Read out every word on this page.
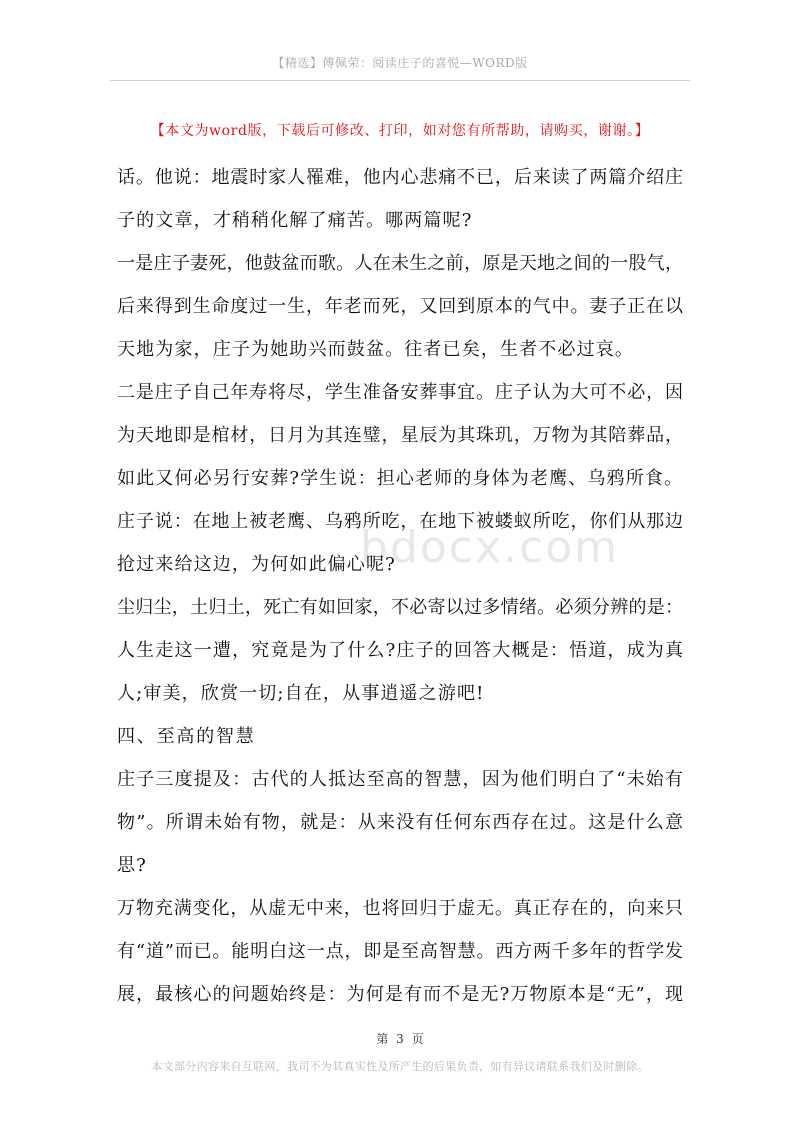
【精选】傅佩荣：阅读庄子的喜悦—WORD版
【本文为word版，下载后可修改、打印，如对您有所帮助，请购买，谢谢。】
bdocx.com
话。他说：地震时家人罹难，他内心悲痛不已，后来读了两篇介绍庄
子的文章，才稍稍化解了痛苦。哪两篇呢?
一是庄子妻死，他鼓盆而歌。人在未生之前，原是天地之间的一股气，
后来得到生命度过一生，年老而死，又回到原本的气中。妻子正在以
天地为家，庄子为她助兴而鼓盆。往者已矣，生者不必过哀。
二是庄子自己年寿将尽，学生准备安葬事宜。庄子认为大可不必，因
为天地即是棺材，日月为其连璧，星辰为其珠玑，万物为其陪葬品，
如此又何必另行安葬?学生说：担心老师的身体为老鹰、乌鸦所食。
庄子说：在地上被老鹰、乌鸦所吃，在地下被蝼蚁所吃，你们从那边
抢过来给这边，为何如此偏心呢?
尘归尘，土归土，死亡有如回家，不必寄以过多情绪。必须分辨的是：
人生走这一遭，究竟是为了什么?庄子的回答大概是：悟道，成为真
人;审美，欣赏一切;自在，从事逍遥之游吧!
四、至高的智慧
庄子三度提及：古代的人抵达至高的智慧，因为他们明白了“未始有
物”。所谓未始有物，就是：从来没有任何东西存在过。这是什么意
思?
万物充满变化，从虚无中来，也将回归于虚无。真正存在的，向来只
有“道”而已。能明白这一点，即是至高智慧。西方两千多年的哲学发
展，最核心的问题始终是：为何是有而不是无?万物原本是“无”，现
第 3 页
本文部分内容来自互联网，我司不为其真实性及所产生的后果负责，如有异议请联系我们及时删除。
